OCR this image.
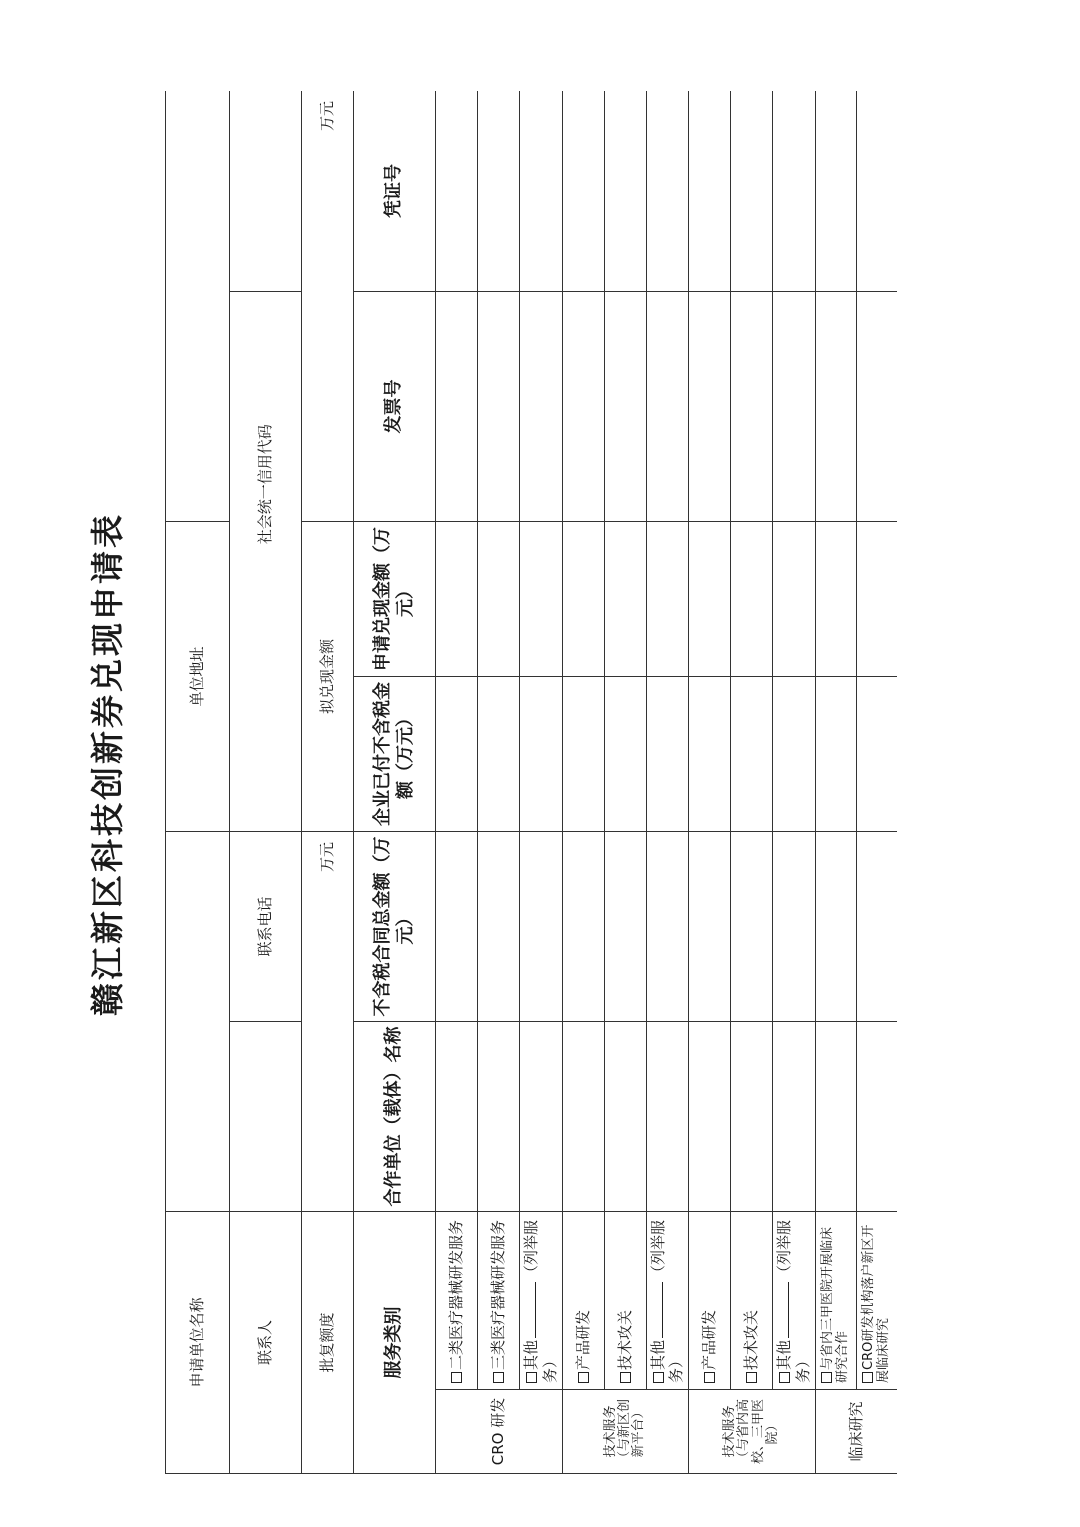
赣江新区科技创新券兑现申请表
申请单位名称				单位地址			
联系人			联系电话		社会统一信用代码		
批复额度		万元		拟兑现金额		万元	
服务类别		合作单位（载体）名称	不含税合同总金额（万元）	企业已付不含税金额（万元）	申请兑现金额（万元）	发票号	凭证号
CRO 研发	二类医疗器械研发服务						
	三类医疗器械研发服务						
	其他（列举服务）						
技术服务（与新区创新平台）	产品研发						
	技术攻关						
	其他（列举服务）						
技术服务（与省内高校、三甲医院）	产品研发						
	技术攻关						
	其他（列举服务）						
临床研究	与省内三甲医院开展临床研究合作						
	CRO研发机构落户新区开展临床研究						
